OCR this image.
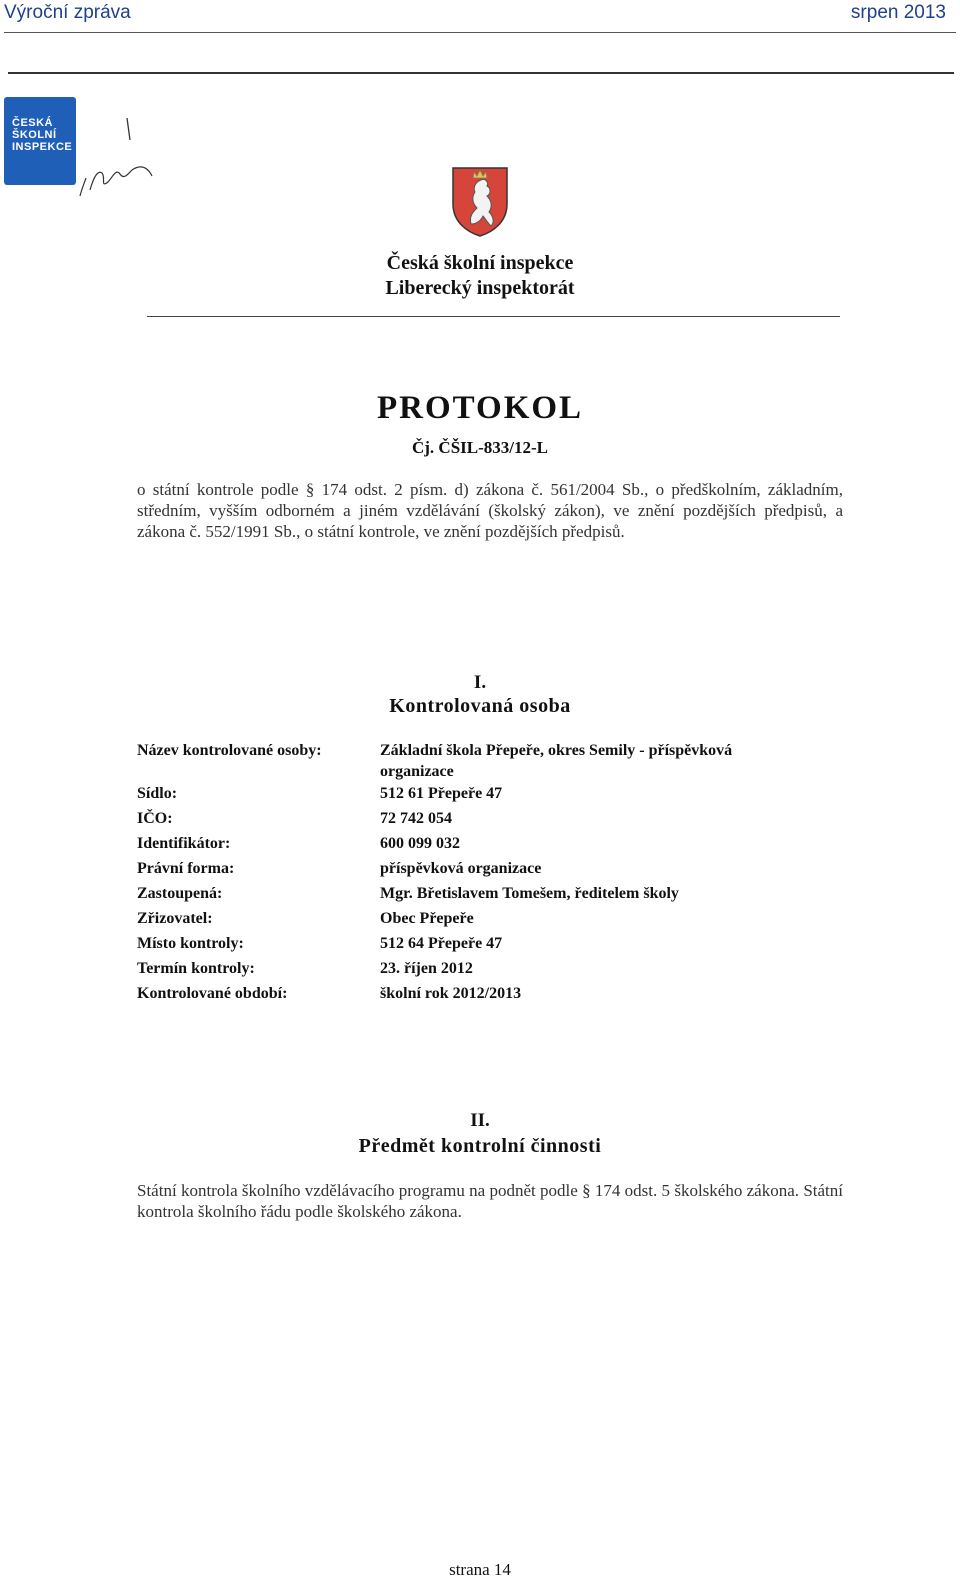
Výroční zpráva	srpen 2013
ČESKÁ
ŠKOLNÍ
INSPEKCE
Česká školní inspekce
Liberecký inspektorát
PROTOKOL
Čj. ČŠIL-833/12-L
o státní kontrole podle § 174 odst. 2 písm. d) zákona č. 561/2004 Sb., o předškolním, základním, středním, vyšším odborném a jiném vzdělávání (školský zákon), ve znění pozdějších předpisů, a zákona č. 552/1991 Sb., o státní kontrole, ve znění pozdějších předpisů.
I.
Kontrolovaná osoba
Název kontrolované osoby:	Základní škola Přepeře, okres Semily - příspěvková
organizace
Sídlo:	512 61 Přepeře 47
IČO:	72 742 054
Identifikátor:	600 099 032
Právní forma:	příspěvková organizace
Zastoupená:	Mgr. Břetislavem Tomešem, ředitelem školy
Zřizovatel:	Obec Přepeře
Místo kontroly:	512 64 Přepeře 47
Termín kontroly:	23. říjen 2012
Kontrolované období:	školní rok 2012/2013
II.
Předmět kontrolní činnosti
Státní kontrola školního vzdělávacího programu na podnět podle § 174 odst. 5 školského zákona. Státní kontrola školního řádu podle školského zákona.
strana 14
